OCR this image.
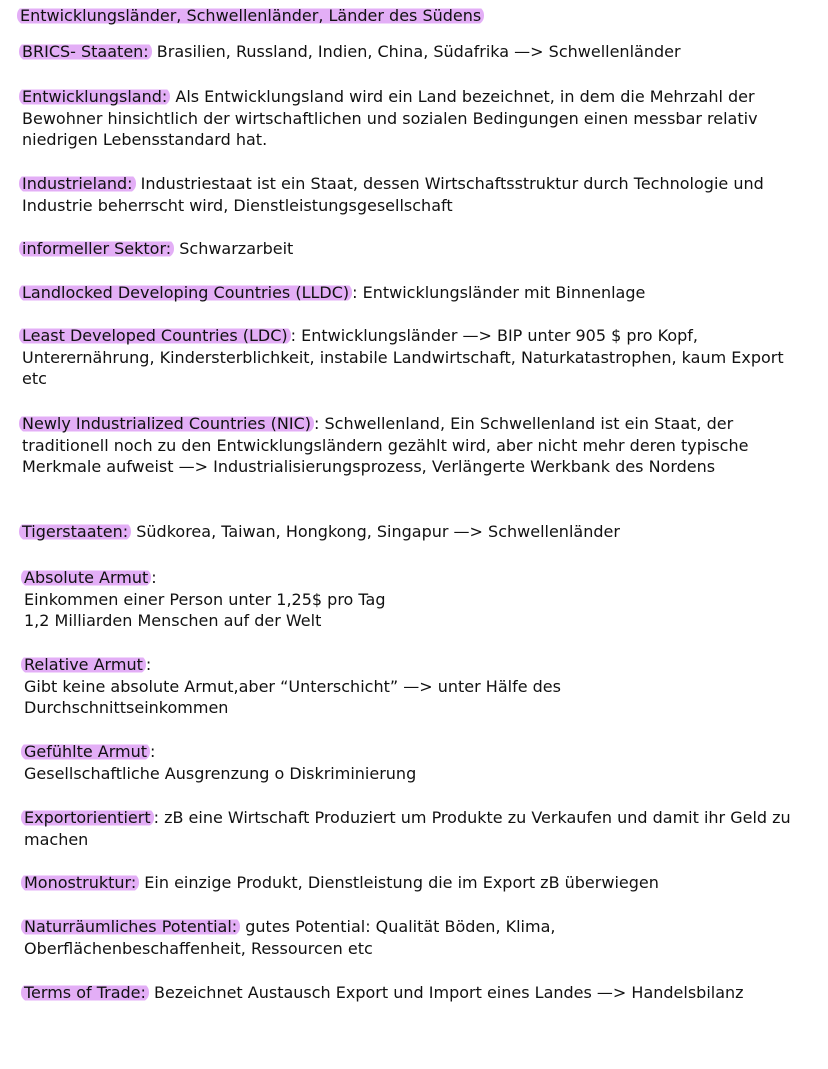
Entwicklungsländer, Schwellenländer, Länder des Südens
BRICS- Staaten: Brasilien, Russland, Indien, China, Südafrika —> Schwellenländer
Entwicklungsland: Als Entwicklungsland wird ein Land bezeichnet, in dem die Mehrzahl der Bewohner hinsichtlich der wirtschaftlichen und sozialen Bedingungen einen messbar relativ niedrigen Lebensstandard hat.
Industrieland: Industriestaat ist ein Staat, dessen Wirtschaftsstruktur durch Technologie und Industrie beherrscht wird, Dienstleistungsgesellschaft
informeller Sektor: Schwarzarbeit
Landlocked Developing Countries (LLDC) : Entwicklungsländer mit Binnenlage
Least Developed Countries (LDC) : Entwicklungsländer —> BIP unter 905 $ pro Kopf, Unterernährung, Kindersterblichkeit, instabile Landwirtschaft, Naturkatastrophen, kaum Export etc
Newly Industrialized Countries (NIC) : Schwellenland, Ein Schwellenland ist ein Staat, der traditionell noch zu den Entwicklungsländern gezählt wird, aber nicht mehr deren typische Merkmale aufweist —> Industrialisierungsprozess, Verlängerte Werkbank des Nordens
Tigerstaaten: Südkorea, Taiwan, Hongkong, Singapur —> Schwellenländer
Absolute Armut :
Einkommen einer Person unter 1,25$ pro Tag
1,2 Milliarden Menschen auf der Welt
Relative Armut :
Gibt keine absolute Armut,aber “Unterschicht” —> unter Hälfe des Durchschnittseinkommen
Gefühlte Armut :
Gesellschaftliche Ausgrenzung o Diskriminierung
Exportorientiert : zB eine Wirtschaft Produziert um Produkte zu Verkaufen und damit ihr Geld zu machen
Monostruktur: Ein einzige Produkt, Dienstleistung die im Export zB überwiegen
Naturräumliches Potential: gutes Potential: Qualität Böden, Klima, Oberflächenbeschaffenheit, Ressourcen etc
Terms of Trade: Bezeichnet Austausch Export und Import eines Landes —> Handelsbilanz
